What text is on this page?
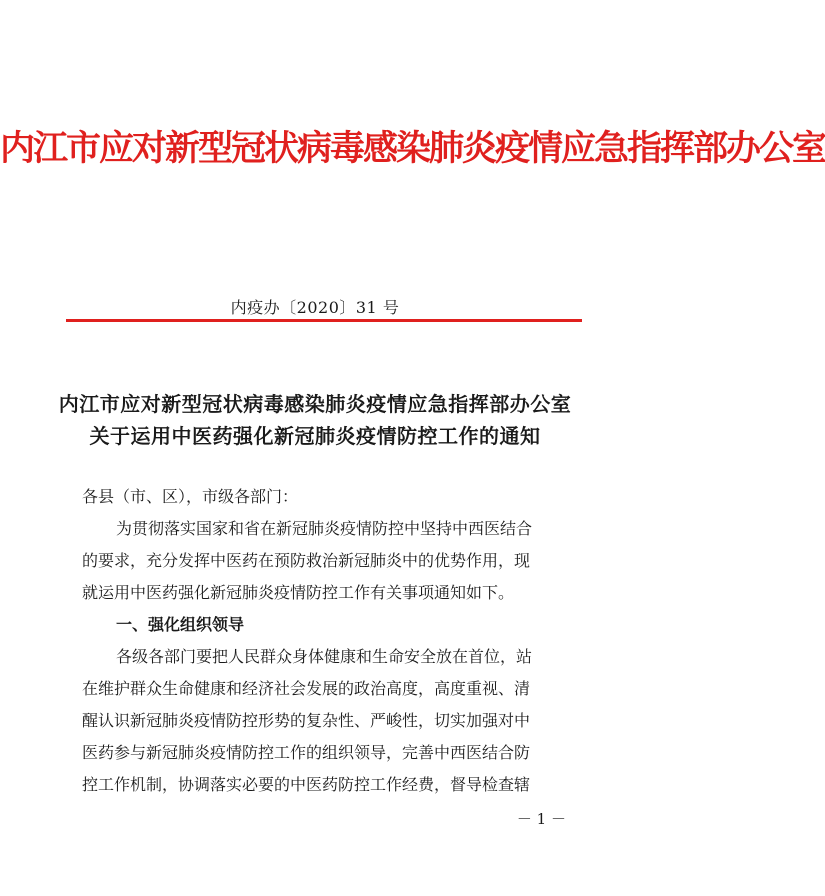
内江市应对新型冠状病毒感染肺炎疫情应急指挥部办公室
内疫办〔2020〕31 号
内江市应对新型冠状病毒感染肺炎疫情应急指挥部办公室
关于运用中医药强化新冠肺炎疫情防控工作的通知
各县（市、区），市级各部门：
为贯彻落实国家和省在新冠肺炎疫情防控中坚持中西医结合
的要求，充分发挥中医药在预防救治新冠肺炎中的优势作用，现
就运用中医药强化新冠肺炎疫情防控工作有关事项通知如下。
一、强化组织领导
各级各部门要把人民群众身体健康和生命安全放在首位，站
在维护群众生命健康和经济社会发展的政治高度，高度重视、清
醒认识新冠肺炎疫情防控形势的复杂性、严峻性，切实加强对中
医药参与新冠肺炎疫情防控工作的组织领导，完善中西医结合防
控工作机制，协调落实必要的中医药防控工作经费，督导检查辖
－ 1 －
